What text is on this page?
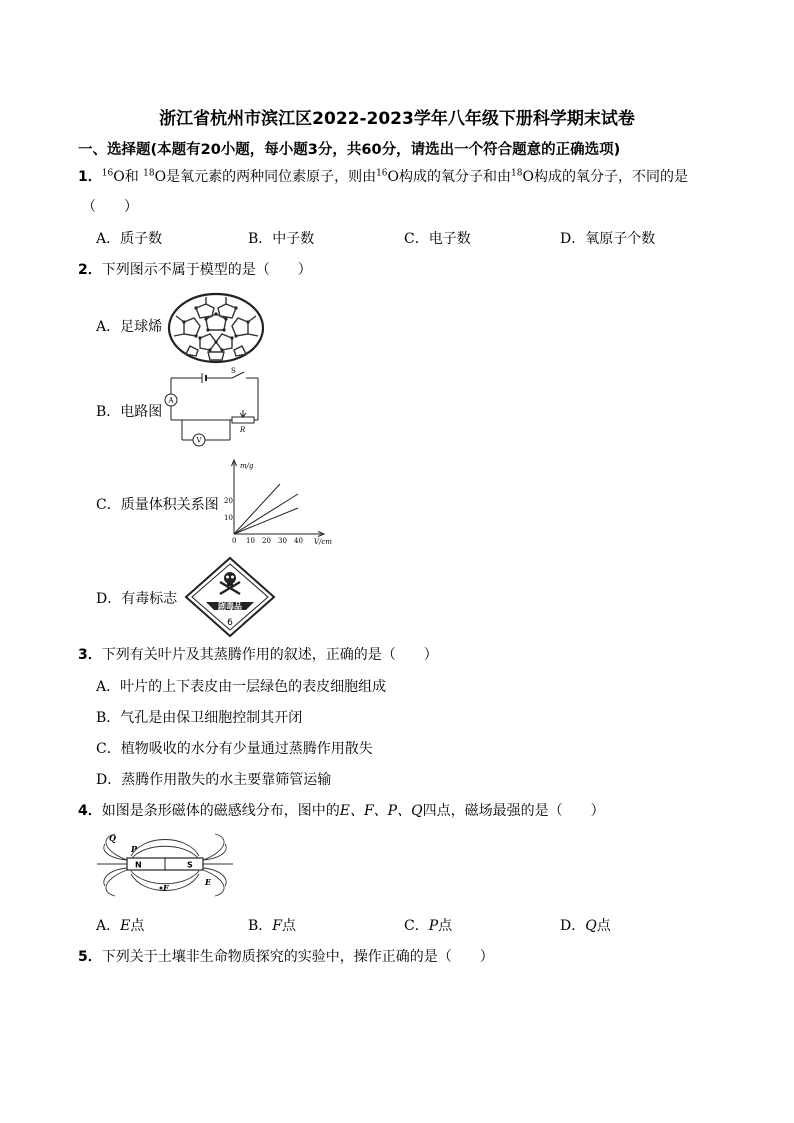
浙江省杭州市滨江区2022-2023学年八年级下册科学期末试卷
一、选择题(本题有20小题，每小题3分，共60分，请选出一个符合题意的正确选项)
1．$^{16}$O和 $^{18}$O是氧元素的两种同位素原子，则由$^{16}$O构成的氧分子和由$^{18}$O构成的氧分子，不同的是
（　　）
A．质子数	B．中子数	C．电子数	D．氧原子个数
2．下列图示不属于模型的是（　　）
A．足球烯
B．电路图
S
A
V
R
C．质量体积关系图
m/g
20
10
0 10 20 30 40 V/cm
D．有毒标志	剧毒品
6
3．下列有关叶片及其蒸腾作用的叙述，正确的是（　　）
A．叶片的上下表皮由一层绿色的表皮细胞组成
B．气孔是由保卫细胞控制其开闭
C．植物吸收的水分有少量通过蒸腾作用散失
D．蒸腾作用散失的水主要靠筛管运输
4．如图是条形磁体的磁感线分布，图中的E、F、P、Q四点，磁场最强的是（　　）
N	S
Q
P
F
E
A．E点	B．F点	C．P点	D．Q点
5．下列关于土壤非生命物质探究的实验中，操作正确的是（　　）
